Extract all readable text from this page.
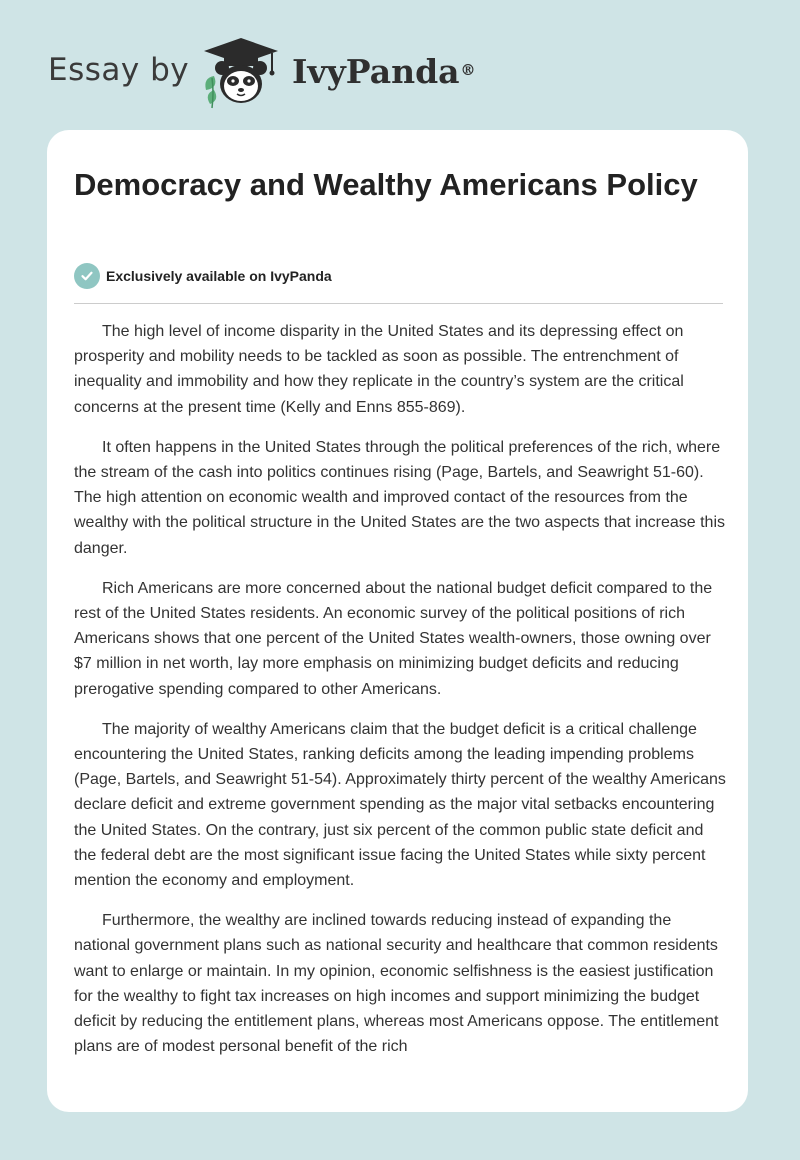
Essay by	IvyPanda®
Democracy and Wealthy Americans Policy
Exclusively available on IvyPanda

The high level of income disparity in the United States and its depressing effect on prosperity and mobility needs to be tackled as soon as possible. The entrenchment of inequality and immobility and how they replicate in the country’s system are the critical concerns at the present time (Kelly and Enns 855-869).

It often happens in the United States through the political preferences of the rich, where the stream of the cash into politics continues rising (Page, Bartels, and Seawright 51-60). The high attention on economic wealth and improved contact of the resources from the wealthy with the political structure in the United States are the two aspects that increase this danger.

Rich Americans are more concerned about the national budget deficit compared to the rest of the United States residents. An economic survey of the political positions of rich Americans shows that one percent of the United States wealth-owners, those owning over $7 million in net worth, lay more emphasis on minimizing budget deficits and reducing prerogative spending compared to other Americans.

The majority of wealthy Americans claim that the budget deficit is a critical challenge encountering the United States, ranking deficits among the leading impending problems (Page, Bartels, and Seawright 51-54). Approximately thirty percent of the wealthy Americans declare deficit and extreme government spending as the major vital setbacks encountering the United States. On the contrary, just six percent of the common public state deficit and the federal debt are the most significant issue facing the United States while sixty percent mention the economy and employment.

Furthermore, the wealthy are inclined towards reducing instead of expanding the national government plans such as national security and healthcare that common residents want to enlarge or maintain. In my opinion, economic selfishness is the easiest justification for the wealthy to fight tax increases on high incomes and support minimizing the budget deficit by reducing the entitlement plans, whereas most Americans oppose. The entitlement plans are of modest personal benefit of the rich
